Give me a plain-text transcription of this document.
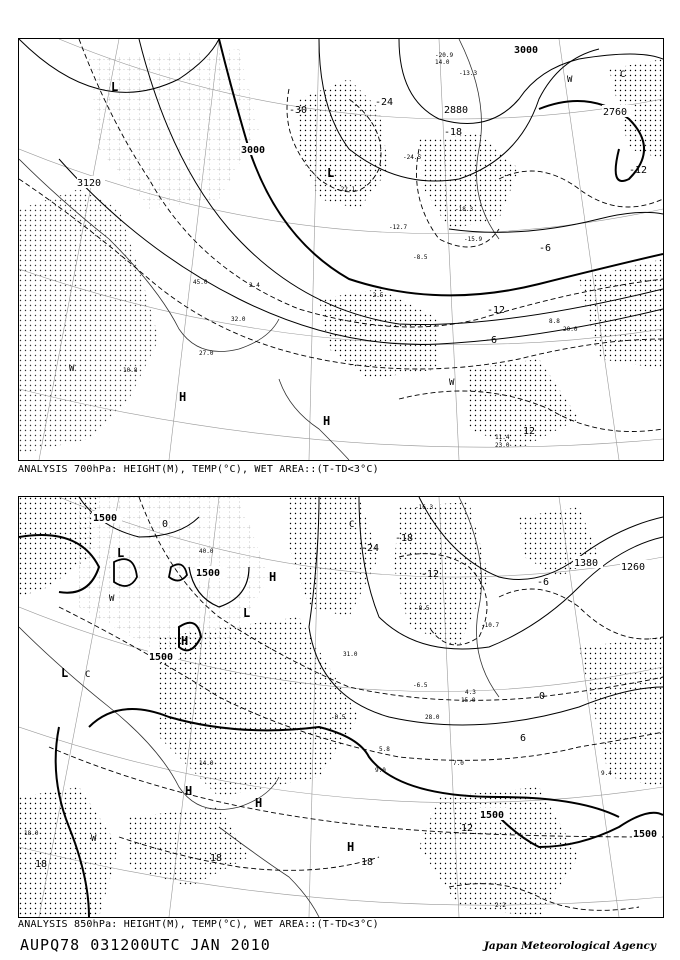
-20.9
14.0
-13.3
-22.1
-24.5
-18.3
-15.9
-12.7
-8.5
-2.5
2.4
8.8
10.8
11.4
23.0
27.0
45.0
32.0
20.0
3000
3120
3000
2880	2760
-30
-24
-18
-12
-6
-6
-12
12
L
L
H
H
W
W
W	C
ANALYSIS 700hPa: HEIGHT(M), TEMP(°C), WET AREA::(T-TD<3°C)
-16.3
-10.7
-8.5
-6.5
-0.5
4.3
5.8
7.0
9.0	9.4
18.0
14.0
28.0
31.0
40.0
15.0
2.2
1500
1500
1500
1500
1500
1380 1260
0
-24
-18
-12
-6
0
6
12
18	18
18
L
L
L
H
H
H
H
H
W
W
C
C
ANALYSIS 850hPa: HEIGHT(M), TEMP(°C), WET AREA::(T-TD<3°C)
AUPQ78 031200UTC JAN 2010	Japan Meteorological Agency
